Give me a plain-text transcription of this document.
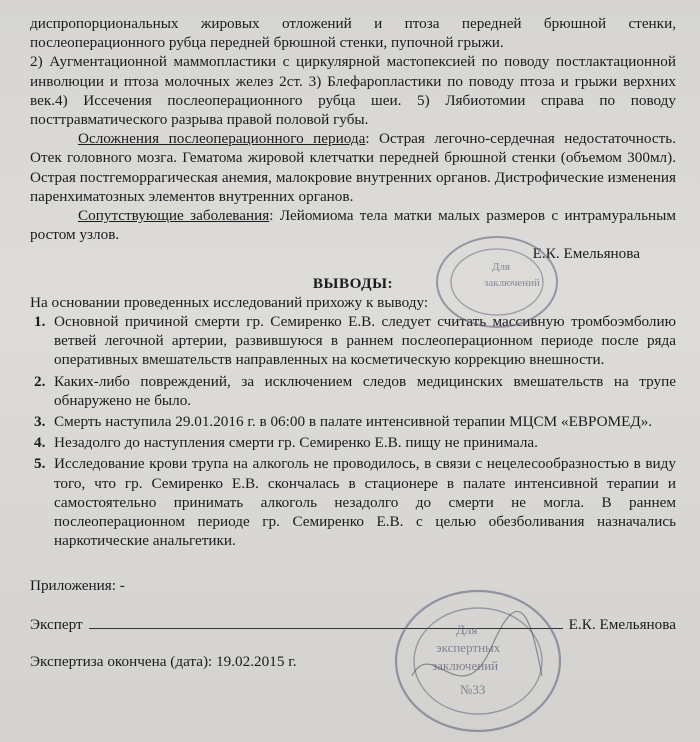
диспропорциональных жировых отложений и птоза передней брюшной стенки, послеоперационного рубца передней брюшной стенки, пупочной грыжи.

2) Аугментационной маммопластики с циркулярной мастопексией по поводу постлактационной инволюции и птоза молочных желез 2ст. 3) Блефаропластики по поводу птоза и грыжи верхних век.4) Иссечения послеоперационного рубца шеи. 5) Лябиотомии справа по поводу посттравматического разрыва правой половой губы.

Осложнения послеоперационного периода: Острая легочно-сердечная недостаточность. Отек головного мозга. Гематома жировой клетчатки передней брюшной стенки (объемом 300мл). Острая постгеморрагическая анемия, малокровие внутренних органов. Дистрофические изменения паренхиматозных элементов внутренних органов.

Сопутствующие заболевания: Лейомиома тела матки малых размеров с интрамуральным ростом узлов.

Е.К. Емельянова

ВЫВОДЫ:

На основании проведенных исследований прихожу к выводу:

1. Основной причиной смерти гр. Семиренко Е.В. следует считать массивную тромбоэмболию ветвей легочной артерии, развившуюся в раннем послеоперационном периоде после ряда оперативных вмешательств направленных на косметическую коррекцию внешности.
2. Каких-либо повреждений, за исключением следов медицинских вмешательств на трупе обнаружено не было.
3. Смерть наступила 29.01.2016 г. в 06:00 в палате интенсивной терапии МЦСМ «ЕВРОМЕД».
4. Незадолго до наступления смерти гр. Семиренко Е.В. пищу не принимала.
5. Исследование крови трупа на алкоголь не проводилось, в связи с нецелесообразностью в виду того, что гр. Семиренко Е.В. скончалась в стационере в палате интенсивной терапии и самостоятельно принимать алкоголь незадолго до смерти не могла. В раннем послеоперационном периоде гр. Семиренко Е.В. с целью обезболивания назначались наркотические анальгетики.

Приложения: -

Эксперт	Е.К. Емельянова

Экспертиза окончена (дата): 19.02.2015 г.

Для
заключений
Для
экспертных
заключений
№33
